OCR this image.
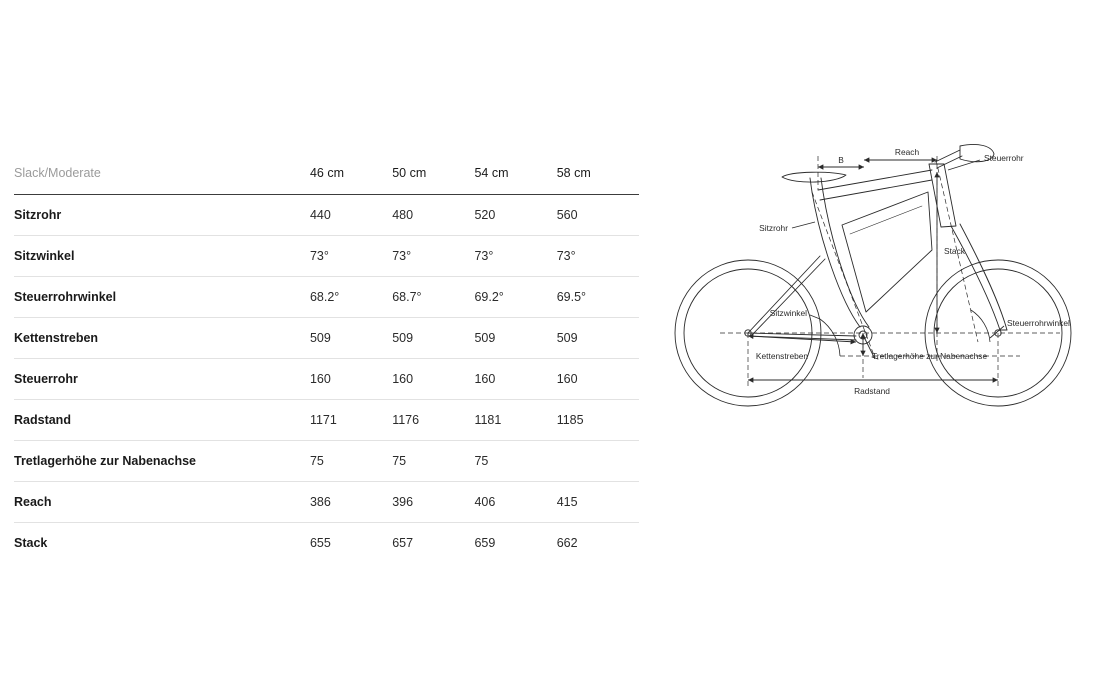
Slack/Moderate	46 cm	50 cm	54 cm	58 cm
Sitzrohr	440	480	520	560
Sitzwinkel	73°	73°	73°	73°
Steuerrohrwinkel	68.2°	68.7°	69.2°	69.5°
Kettenstreben	509	509	509	509
Steuerrohr	160	160	160	160
Radstand	1171	1176	1181	1185
Tretlagerhöhe zur Nabenachse	75	75	75	
Reach	386	396	406	415
Stack	655	657	659	662
Reach
B	Steuerrohr
Stack
Sitzrohr
Sitzwinkel
Steuerrohrwinkel
Kettenstreben	Tretlagerhöhe zur Nabenachse
Radstand
